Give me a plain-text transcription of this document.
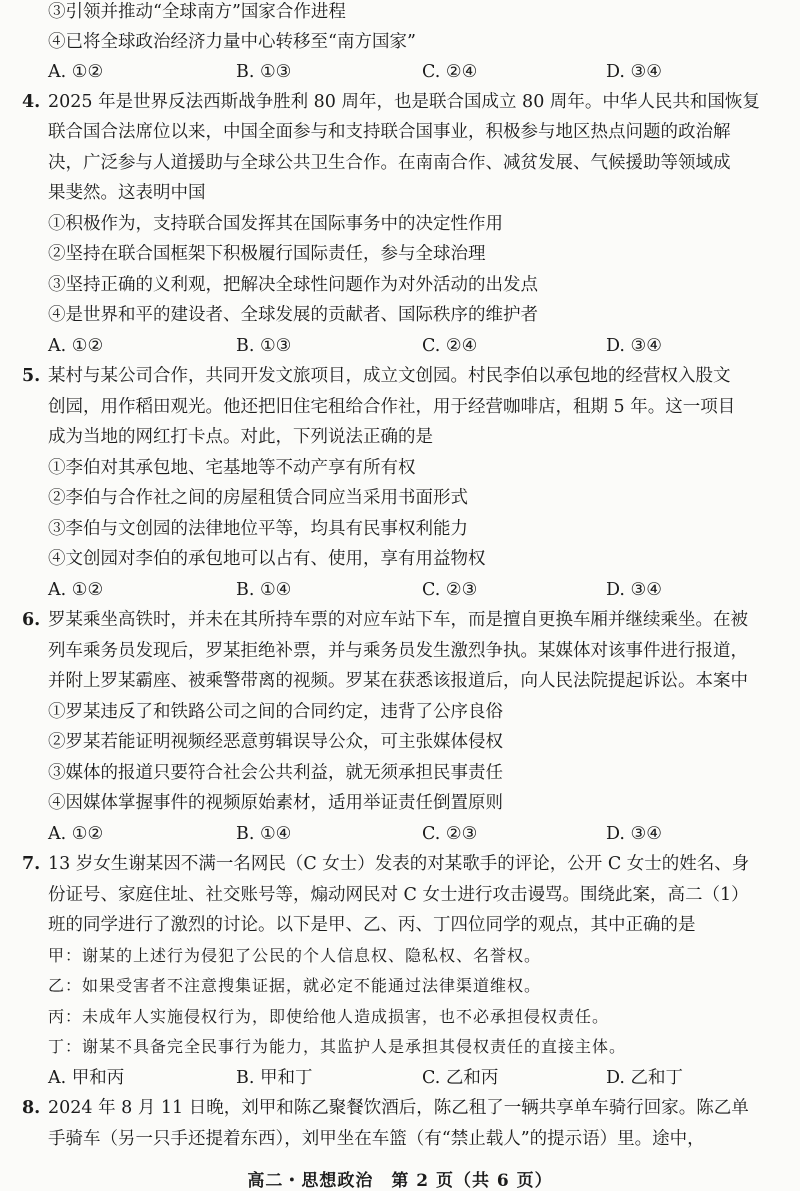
③引领并推动“全球南方”国家合作进程
④已将全球政治经济力量中心转移至“南方国家”
A. ①②	B. ①③	C. ②④	D. ③④
4. 2025 年是世界反法西斯战争胜利 80 周年，也是联合国成立 80 周年。中华人民共和国恢复
联合国合法席位以来，中国全面参与和支持联合国事业，积极参与地区热点问题的政治解
决，广泛参与人道援助与全球公共卫生合作。在南南合作、减贫发展、气候援助等领域成
果斐然。这表明中国
①积极作为，支持联合国发挥其在国际事务中的决定性作用
②坚持在联合国框架下积极履行国际责任，参与全球治理
③坚持正确的义利观，把解决全球性问题作为对外活动的出发点
④是世界和平的建设者、全球发展的贡献者、国际秩序的维护者
A. ①②	B. ①③	C. ②④	D. ③④
5. 某村与某公司合作，共同开发文旅项目，成立文创园。村民李伯以承包地的经营权入股文
创园，用作稻田观光。他还把旧住宅租给合作社，用于经营咖啡店，租期 5 年。这一项目
成为当地的网红打卡点。对此，下列说法正确的是
①李伯对其承包地、宅基地等不动产享有所有权
②李伯与合作社之间的房屋租赁合同应当采用书面形式
③李伯与文创园的法律地位平等，均具有民事权利能力
④文创园对李伯的承包地可以占有、使用，享有用益物权
A. ①②	B. ①④	C. ②③	D. ③④
6. 罗某乘坐高铁时，并未在其所持车票的对应车站下车，而是擅自更换车厢并继续乘坐。在被
列车乘务员发现后，罗某拒绝补票，并与乘务员发生激烈争执。某媒体对该事件进行报道，
并附上罗某霸座、被乘警带离的视频。罗某在获悉该报道后，向人民法院提起诉讼。本案中
①罗某违反了和铁路公司之间的合同约定，违背了公序良俗
②罗某若能证明视频经恶意剪辑误导公众，可主张媒体侵权
③媒体的报道只要符合社会公共利益，就无须承担民事责任
④因媒体掌握事件的视频原始素材，适用举证责任倒置原则
A. ①②	B. ①④	C. ②③	D. ③④
7. 13 岁女生谢某因不满一名网民（C 女士）发表的对某歌手的评论，公开 C 女士的姓名、身
份证号、家庭住址、社交账号等，煽动网民对 C 女士进行攻击谩骂。围绕此案，高二（1）
班的同学进行了激烈的讨论。以下是甲、乙、丙、丁四位同学的观点，其中正确的是
甲：谢某的上述行为侵犯了公民的个人信息权、隐私权、名誉权。
乙：如果受害者不注意搜集证据，就必定不能通过法律渠道维权。
丙：未成年人实施侵权行为，即使给他人造成损害，也不必承担侵权责任。
丁：谢某不具备完全民事行为能力，其监护人是承担其侵权责任的直接主体。
A. 甲和丙	B. 甲和丁	C. 乙和丙	D. 乙和丁
8. 2024 年 8 月 11 日晚，刘甲和陈乙聚餐饮酒后，陈乙租了一辆共享单车骑行回家。陈乙单
手骑车（另一只手还提着东西），刘甲坐在车篮（有“禁止载人”的提示语）里。途中，
高二・思想政治　第 2 页（共 6 页）
